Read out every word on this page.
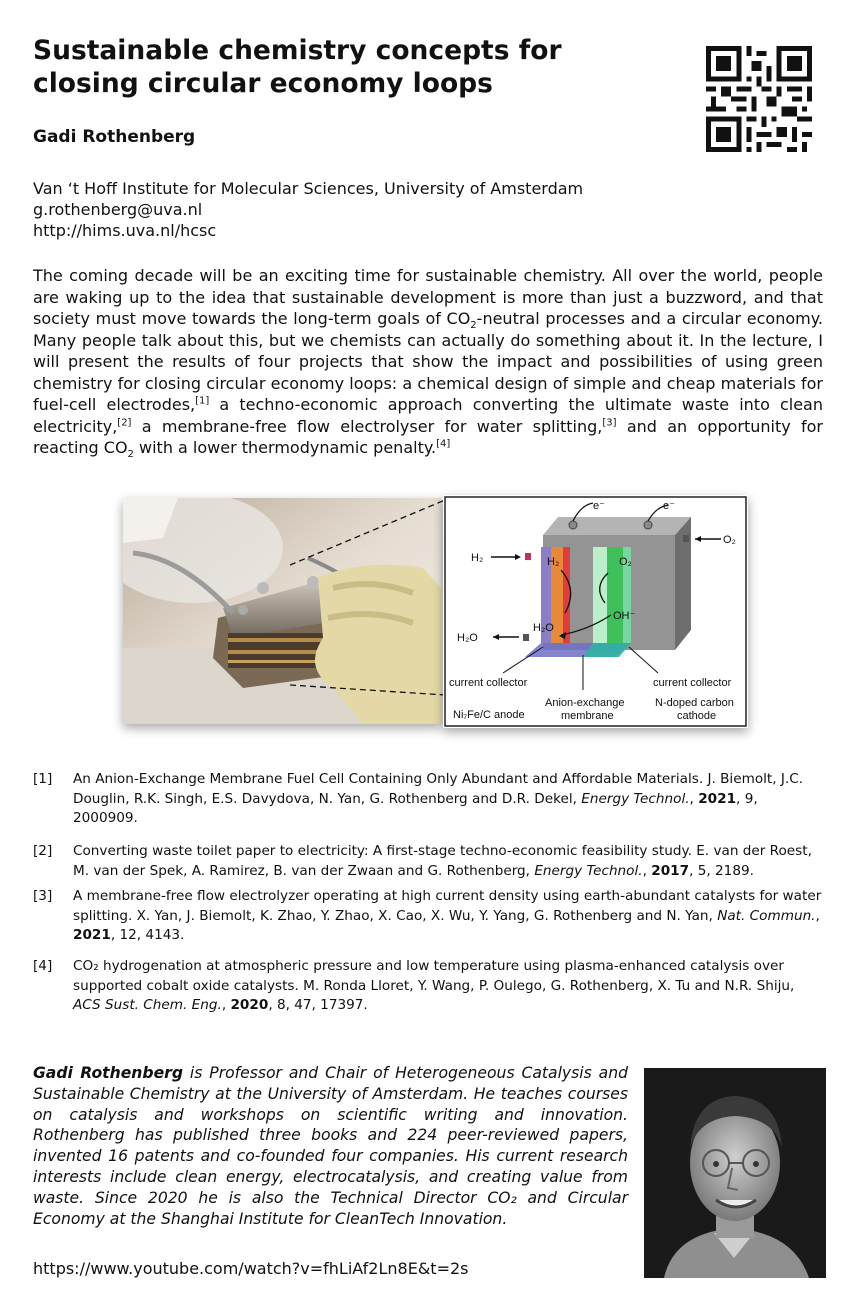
Sustainable chemistry concepts for closing circular economy loops
Gadi Rothenberg
Van ‘t Hoff Institute for Molecular Sciences, University of Amsterdam
g.rothenberg@uva.nl
http://hims.uva.nl/hcsc
The coming decade will be an exciting time for sustainable chemistry. All over the world, people are waking up to the idea that sustainable development is more than just a buzzword, and that society must move towards the long-term goals of $CO_2$-neutral processes and a circular economy. Many people talk about this, but we chemists can actually do something about it. In the lecture, I will present the results of four projects that show the impact and possibilities of using green chemistry for closing circular economy loops: a chemical design of simple and cheap materials for fuel-cell electrodes,[1] a techno-economic approach converting the ultimate waste into clean electricity,[2] a membrane-free flow electrolyser for water splitting,[3] and an opportunity for reacting $CO_2$ with a lower thermodynamic penalty.[4]
e⁻	e⁻
O₂
H₂
H₂O
H₂	O₂
OH⁻
H₂O
current collector	current collector
Ni₇Fe/C anode
Anion-exchange
membrane
N-doped carbon
cathode
[1]	An Anion-Exchange Membrane Fuel Cell Containing Only Abundant and Affordable Materials. J. Biemolt, J.C. Douglin, R.K. Singh, E.S. Davydova, N. Yan, G. Rothenberg and D.R. Dekel, Energy Technol., 2021, 9, 2000909.
[2]	Converting waste toilet paper to electricity: A first-stage techno-economic feasibility study. E. van der Roest, M. van der Spek, A. Ramirez, B. van der Zwaan and G. Rothenberg, Energy Technol., 2017, 5, 2189.
[3]	A membrane-free flow electrolyzer operating at high current density using earth-abundant catalysts for water splitting. X. Yan, J. Biemolt, K. Zhao, Y. Zhao, X. Cao, X. Wu, Y. Yang, G. Rothenberg and N. Yan, Nat. Commun., 2021, 12, 4143.
[4]	CO₂ hydrogenation at atmospheric pressure and low temperature using plasma-enhanced catalysis over supported cobalt oxide catalysts. M. Ronda Lloret, Y. Wang, P. Oulego, G. Rothenberg, X. Tu and N.R. Shiju, ACS Sust. Chem. Eng., 2020, 8, 47, 17397.
Gadi Rothenberg is Professor and Chair of Heterogeneous Catalysis and Sustainable Chemistry at the University of Amsterdam. He teaches courses on catalysis and workshops on scientific writing and innovation. Rothenberg has published three books and 224 peer-reviewed papers, invented 16 patents and co-founded four companies. His current research interests include clean energy, electrocatalysis, and creating value from waste. Since 2020 he is also the Technical Director CO₂ and Circular Economy at the Shanghai Institute for CleanTech Innovation.
https://www.youtube.com/watch?v=fhLiAf2Ln8E&t=2s
